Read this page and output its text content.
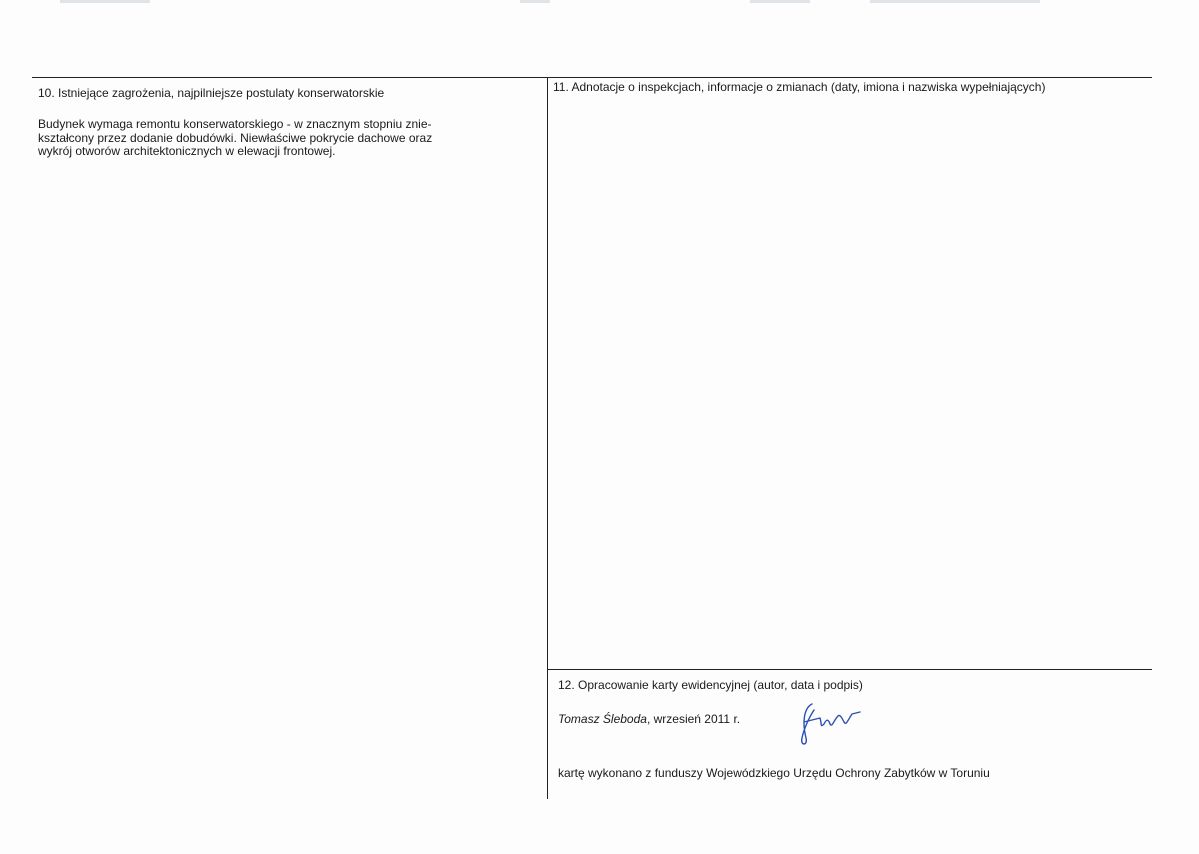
10. Istniejące zagrożenia, najpilniejsze postulaty konserwatorskie
Budynek wymaga remontu konserwatorskiego - w znacznym stopniu znie-
kształcony przez dodanie dobudówki. Niewłaściwe pokrycie dachowe oraz
wykrój otworów architektonicznych w elewacji frontowej.
11. Adnotacje o inspekcjach, informacje o zmianach (daty, imiona i nazwiska wypełniających)
12. Opracowanie karty ewidencyjnej (autor, data i podpis)
Tomasz Śleboda, wrzesień 2011 r.
kartę wykonano z funduszy Wojewódzkiego Urzędu Ochrony Zabytków w Toruniu
